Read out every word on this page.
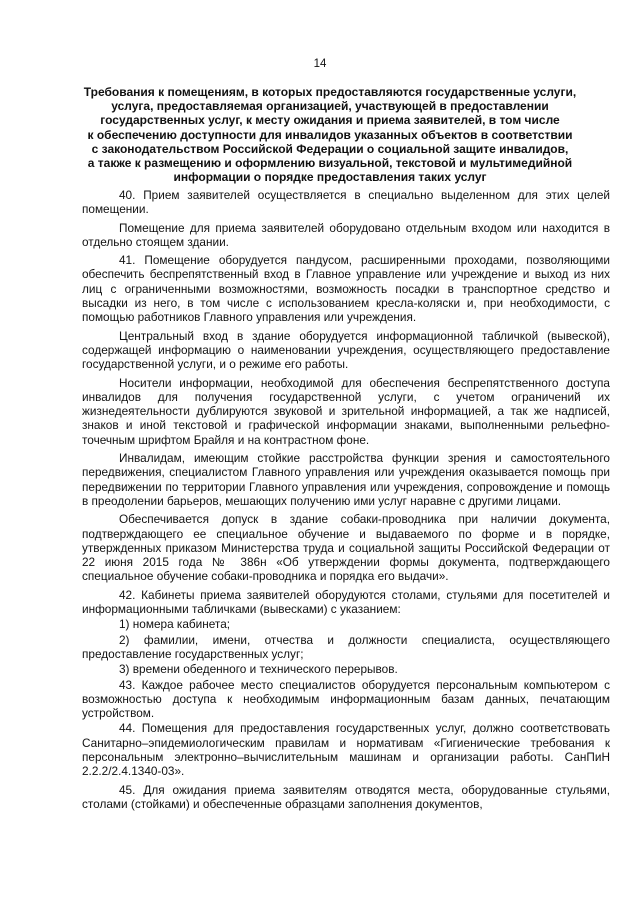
14
Требования к помещениям, в которых предоставляются государственные услуги,
услуга, предоставляемая организацией, участвующей в предоставлении
государственных услуг, к месту ожидания и приема заявителей, в том числе
к обеспечению доступности для инвалидов указанных объектов в соответствии
с законодательством Российской Федерации о социальной защите инвалидов,
а также к размещению и оформлению визуальной, текстовой и мультимедийной
информации о порядке предоставления таких услуг

40. Прием заявителей осуществляется в специально выделенном для этих целей помещении.

Помещение для приема заявителей оборудовано отдельным входом или находится в отдельно стоящем здании.

41. Помещение оборудуется пандусом, расширенными проходами, позволяющими обеспечить беспрепятственный вход в Главное управление или учреждение и выход из них лиц с ограниченными возможностями, возможность посадки в транспортное средство и высадки из него, в том числе с использованием кресла-коляски и, при необходимости, с помощью работников Главного управления или учреждения.

Центральный вход в здание оборудуется информационной табличкой (вывеской), содержащей информацию о наименовании учреждения, осуществляющего предоставление государственной услуги, и о режиме его работы.

Носители информации, необходимой для обеспечения беспрепятственного доступа инвалидов для получения государственной услуги, с учетом ограничений их жизнедеятельности дублируются звуковой и зрительной информацией, а так же надписей, знаков и иной текстовой и графической информации знаками, выполненными рельефно-точечным шрифтом Брайля и на контрастном фоне.

Инвалидам, имеющим стойкие расстройства функции зрения и самостоятельного передвижения, специалистом Главного управления или учреждения оказывается помощь при передвижении по территории Главного управления или учреждения, сопровождение и помощь в преодолении барьеров, мешающих получению ими услуг наравне с другими лицами.

Обеспечивается допуск в здание собаки-проводника при наличии документа, подтверждающего ее специальное обучение и выдаваемого по форме и в порядке, утвержденных приказом Министерства труда и социальной защиты Российской Федерации от 22 июня 2015 года № 386н «Об утверждении формы документа, подтверждающего специальное обучение собаки-проводника и порядка его выдачи».

42. Кабинеты приема заявителей оборудуются столами, стульями для посетителей и информационными табличками (вывесками) с указанием:

1) номера кабинета;

2) фамилии, имени, отчества и должности специалиста, осуществляющего предоставление государственных услуг;

3) времени обеденного и технического перерывов.

43. Каждое рабочее место специалистов оборудуется персональным компьютером с возможностью доступа к необходимым информационным базам данных, печатающим устройством.

44. Помещения для предоставления государственных услуг, должно соответствовать Санитарно–эпидемиологическим правилам и нормативам «Гигиенические требования к персональным электронно–вычислительным машинам и организации работы. СанПиН 2.2.2/2.4.1340-03».

45. Для ожидания приема заявителям отводятся места, оборудованные стульями, столами (стойками) и обеспеченные образцами заполнения документов,
